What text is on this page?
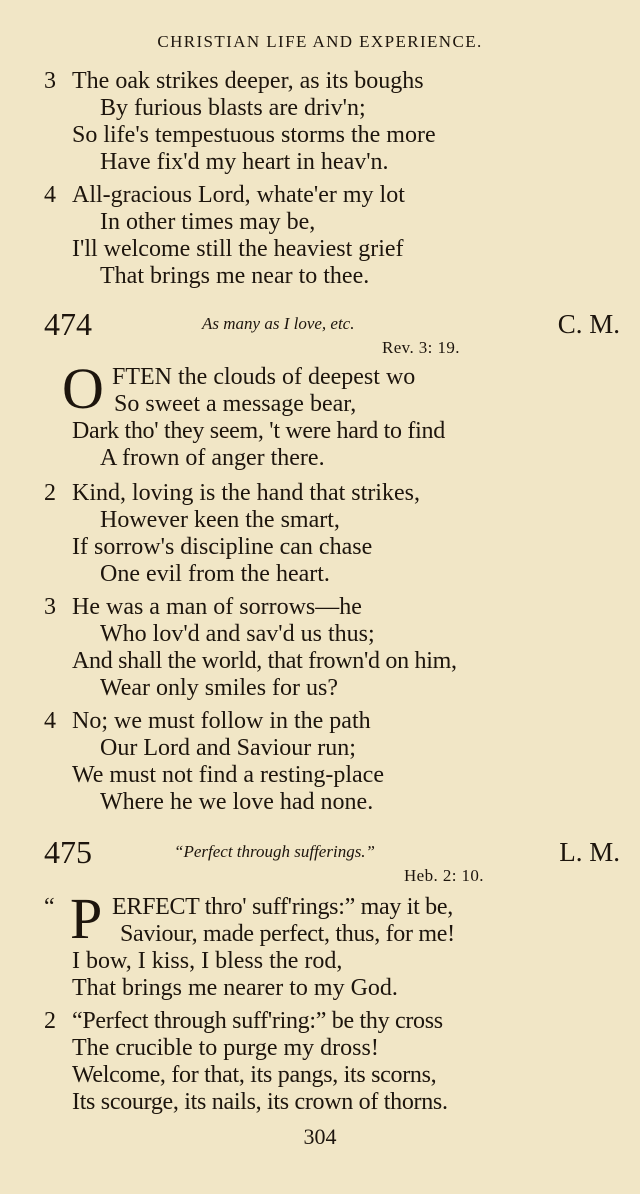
CHRISTIAN LIFE AND EXPERIENCE.
3 The oak strikes deeper, as its boughs
By furious blasts are driv'n;
So life's tempestuous storms the more
Have fix'd my heart in heav'n.
4 All-gracious Lord, whate'er my lot
In other times may be,
I'll welcome still the heaviest grief
That brings me near to thee.
474	As many as I love, etc.	C. M.
Rev. 3: 19.
O FTEN the clouds of deepest wo
So sweet a message bear,
Dark tho' they seem, 't were hard to find
A frown of anger there.
2 Kind, loving is the hand that strikes,
However keen the smart,
If sorrow's discipline can chase
One evil from the heart.
3 He was a man of sorrows—he
Who lov'd and sav'd us thus;
And shall the world, that frown'd on him,
Wear only smiles for us?
4 No; we must follow in the path
Our Lord and Saviour run;
We must not find a resting-place
Where he we love had none.
475	“Perfect through sufferings.”	L. M.
Heb. 2: 10.
“ P ERFECT thro' suff'rings:” may it be,
Saviour, made perfect, thus, for me!
I bow, I kiss, I bless the rod,
That brings me nearer to my God.
2 “Perfect through suff'ring:” be thy cross
The crucible to purge my dross!
Welcome, for that, its pangs, its scorns,
Its scourge, its nails, its crown of thorns.
304
